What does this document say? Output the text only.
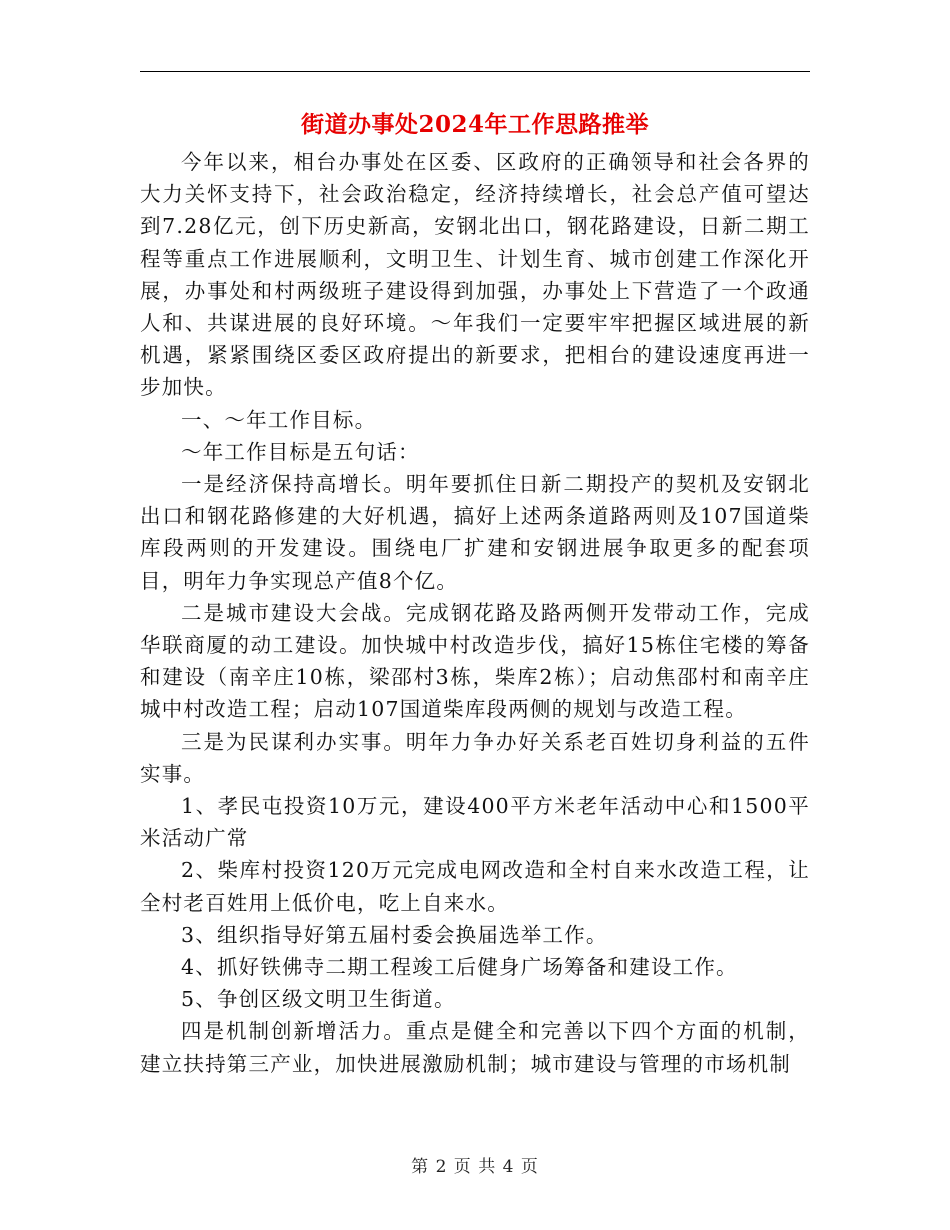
街道办事处2024年工作思路推举

今年以来，相台办事处在区委、区政府的正确领导和社会各界的大力关怀支持下，社会政治稳定，经济持续增长，社会总产值可望达到7.28亿元，创下历史新高，安钢北出口，钢花路建设，日新二期工程等重点工作进展顺利，文明卫生、计划生育、城市创建工作深化开展，办事处和村两级班子建设得到加强，办事处上下营造了一个政通人和、共谋进展的良好环境。～年我们一定要牢牢把握区域进展的新机遇，紧紧围绕区委区政府提出的新要求，把相台的建设速度再进一步加快。

一、～年工作目标。

～年工作目标是五句话：

一是经济保持高增长。明年要抓住日新二期投产的契机及安钢北出口和钢花路修建的大好机遇，搞好上述两条道路两则及107国道柴库段两则的开发建设。围绕电厂扩建和安钢进展争取更多的配套项目，明年力争实现总产值8个亿。

二是城市建设大会战。完成钢花路及路两侧开发带动工作，完成华联商厦的动工建设。加快城中村改造步伐，搞好15栋住宅楼的筹备和建设（南辛庄10栋，梁邵村3栋，柴库2栋）；启动焦邵村和南辛庄城中村改造工程；启动107国道柴库段两侧的规划与改造工程。

三是为民谋利办实事。明年力争办好关系老百姓切身利益的五件实事。

1、孝民屯投资10万元，建设400平方米老年活动中心和1500平米活动广常

2、柴库村投资120万元完成电网改造和全村自来水改造工程，让全村老百姓用上低价电，吃上自来水。

3、组织指导好第五届村委会换届选举工作。

4、抓好铁佛寺二期工程竣工后健身广场筹备和建设工作。

5、争创区级文明卫生街道。

四是机制创新增活力。重点是健全和完善以下四个方面的机制，建立扶持第三产业，加快进展激励机制；城市建设与管理的市场机制

第 2 页 共 4 页
